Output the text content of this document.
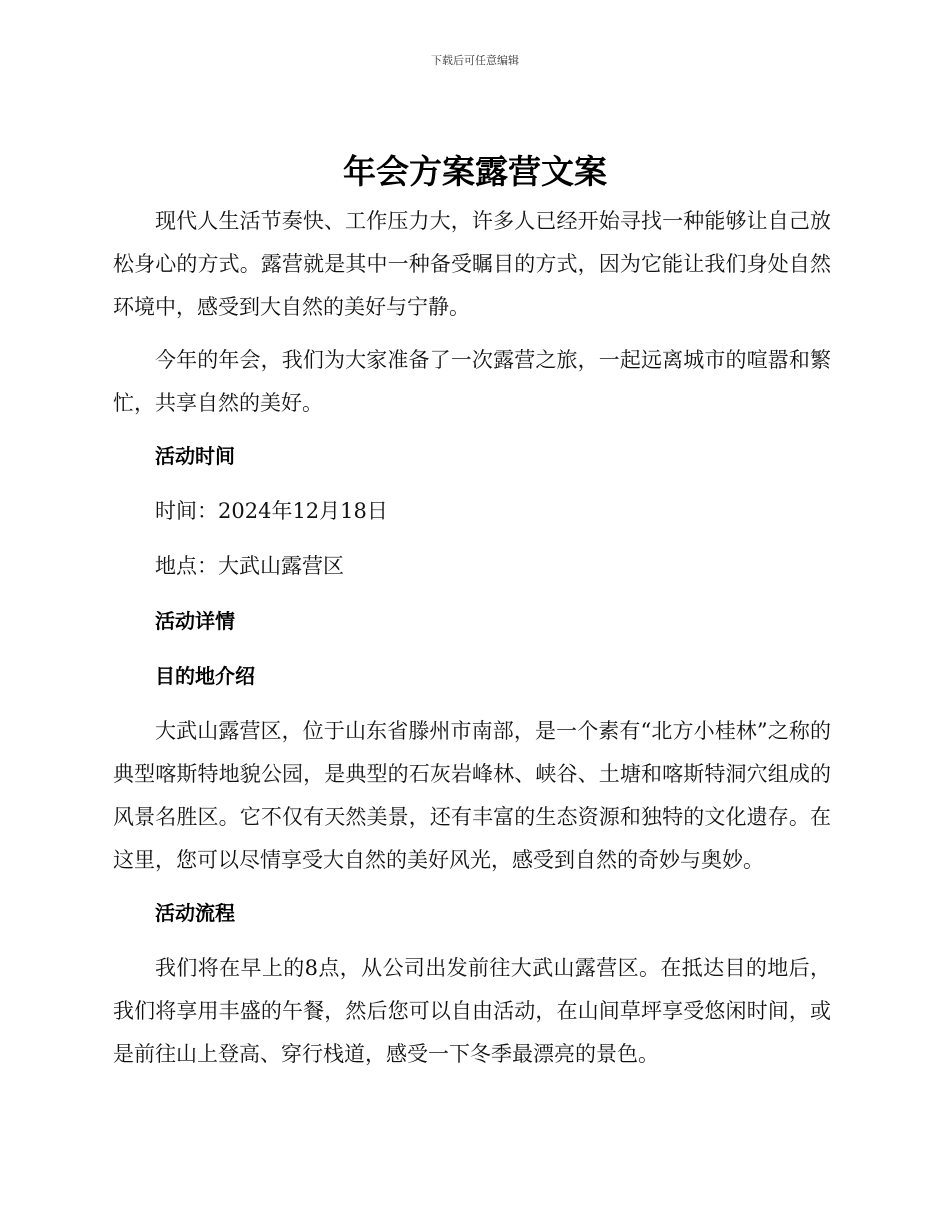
下载后可任意编辑
年会方案露营文案

现代人生活节奏快、工作压力大，许多人已经开始寻找一种能够让自己放松身心的方式。露营就是其中一种备受瞩目的方式，因为它能让我们身处自然环境中，感受到大自然的美好与宁静。

今年的年会，我们为大家准备了一次露营之旅，一起远离城市的喧嚣和繁忙，共享自然的美好。

活动时间
时间：2024年12月18日
地点：大武山露营区
活动详情
目的地介绍

大武山露营区，位于山东省滕州市南部，是一个素有“北方小桂林”之称的典型喀斯特地貌公园，是典型的石灰岩峰林、峡谷、土塘和喀斯特洞穴组成的风景名胜区。它不仅有天然美景，还有丰富的生态资源和独特的文化遗存。在这里，您可以尽情享受大自然的美好风光，感受到自然的奇妙与奥妙。

活动流程

我们将在早上的8点，从公司出发前往大武山露营区。在抵达目的地后，我们将享用丰盛的午餐，然后您可以自由活动，在山间草坪享受悠闲时间，或是前往山上登高、穿行栈道，感受一下冬季最漂亮的景色。
